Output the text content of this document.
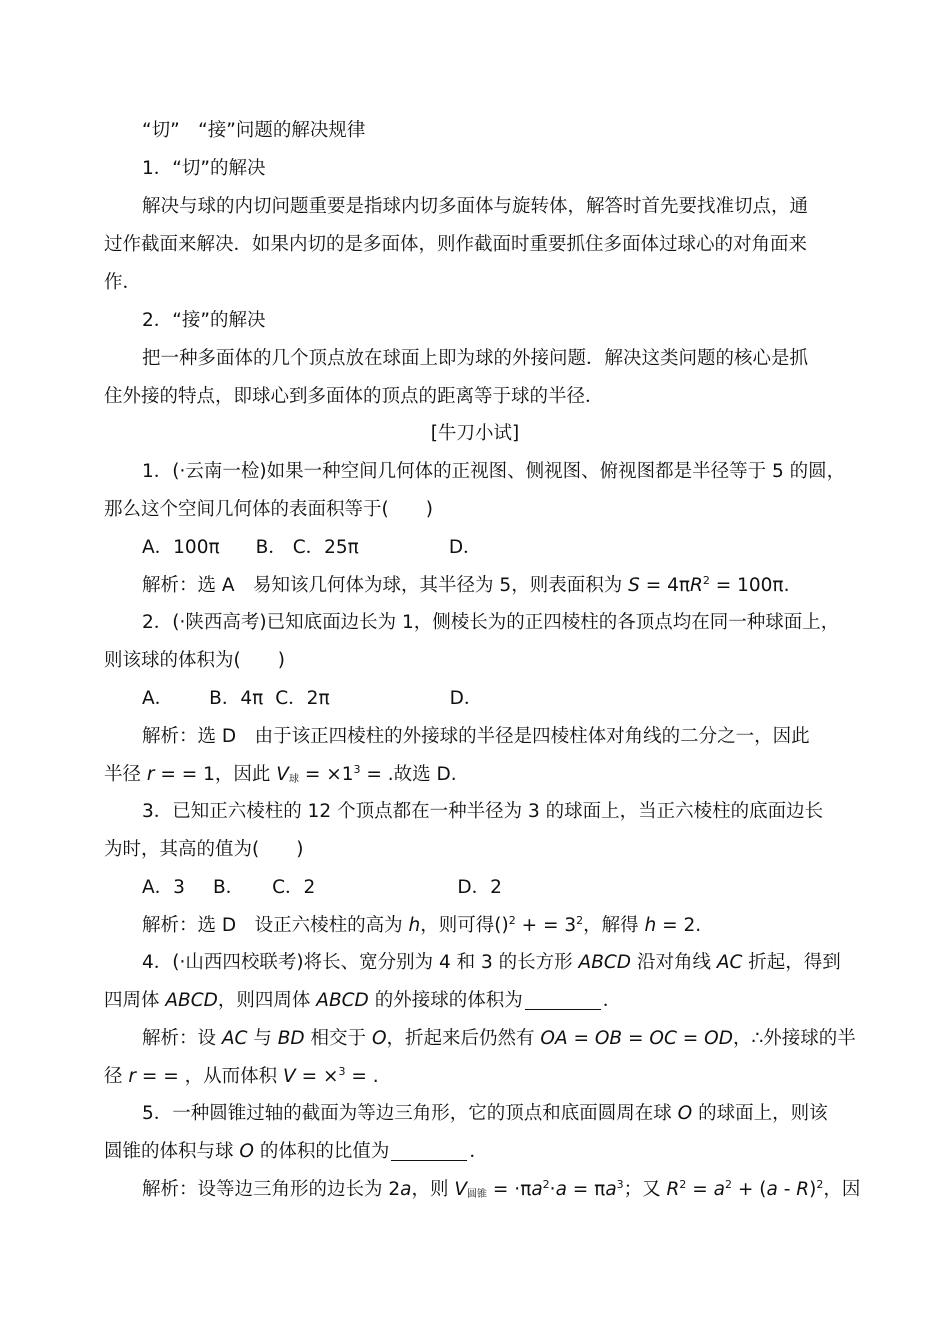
“切”　“接”问题的解决规律
1．“切”的解决
解决与球的内切问题重要是指球内切多面体与旋转体，解答时首先要找准切点，通
过作截面来解决．如果内切的是多面体，则作截面时重要抓住多面体过球心的对角面来
作．
2．“接”的解决
把一种多面体的几个顶点放在球面上即为球的外接问题．解决这类问题的核心是抓
住外接的特点，即球心到多面体的顶点的距离等于球的半径．
[牛刀小试]
1．(·云南一检)如果一种空间几何体的正视图、侧视图、俯视图都是半径等于 5 的圆，
那么这个空间几何体的表面积等于(　　)
A．100π B． C．25π	D．
解析：选 A　易知该几何体为球，其半径为 5，则表面积为 $S = 4\pi R^2 = 100\pi$.
2．(·陕西高考)已知底面边长为 1，侧棱长为的正四棱柱的各顶点均在同一种球面上，
则该球的体积为(　　)
A． B．4π C．2π	D．
解析：选 D　由于该正四棱柱的外接球的半径是四棱柱体对角线的二分之一，因此
半径 r = = 1，因此 $V_球 = \times 1^3$ = .故选 D.
3．已知正六棱柱的 12 个顶点都在一种半径为 3 的球面上，当正六棱柱的底面边长
为时，其高的值为(　　)
A．3 B． C．2	D．2
解析：选 D　设正六棱柱的高为 h，则可得()$^2$ + = $3^2$，解得 h = 2.
4．(·山西四校联考)将长、宽分别为 4 和 3 的长方形 ABCD 沿对角线 AC 折起，得到
四周体 ABCD，则四周体 ABCD 的外接球的体积为	．
解析：设 AC 与 BD 相交于 O，折起来后仍然有 OA = OB = OC = OD，∴外接球的半
径 r = = ，从而体积 V = ×$^3$ = .
5．一种圆锥过轴的截面为等边三角形，它的顶点和底面圆周在球 O 的球面上，则该
圆锥的体积与球 O 的体积的比值为	．
解析：设等边三角形的边长为 2a，则 $V_{圆锥} = \cdot\pi a^2\cdot a = \pi a^3$；又 $R^2 = a^2 + (a - R)^2$，因
